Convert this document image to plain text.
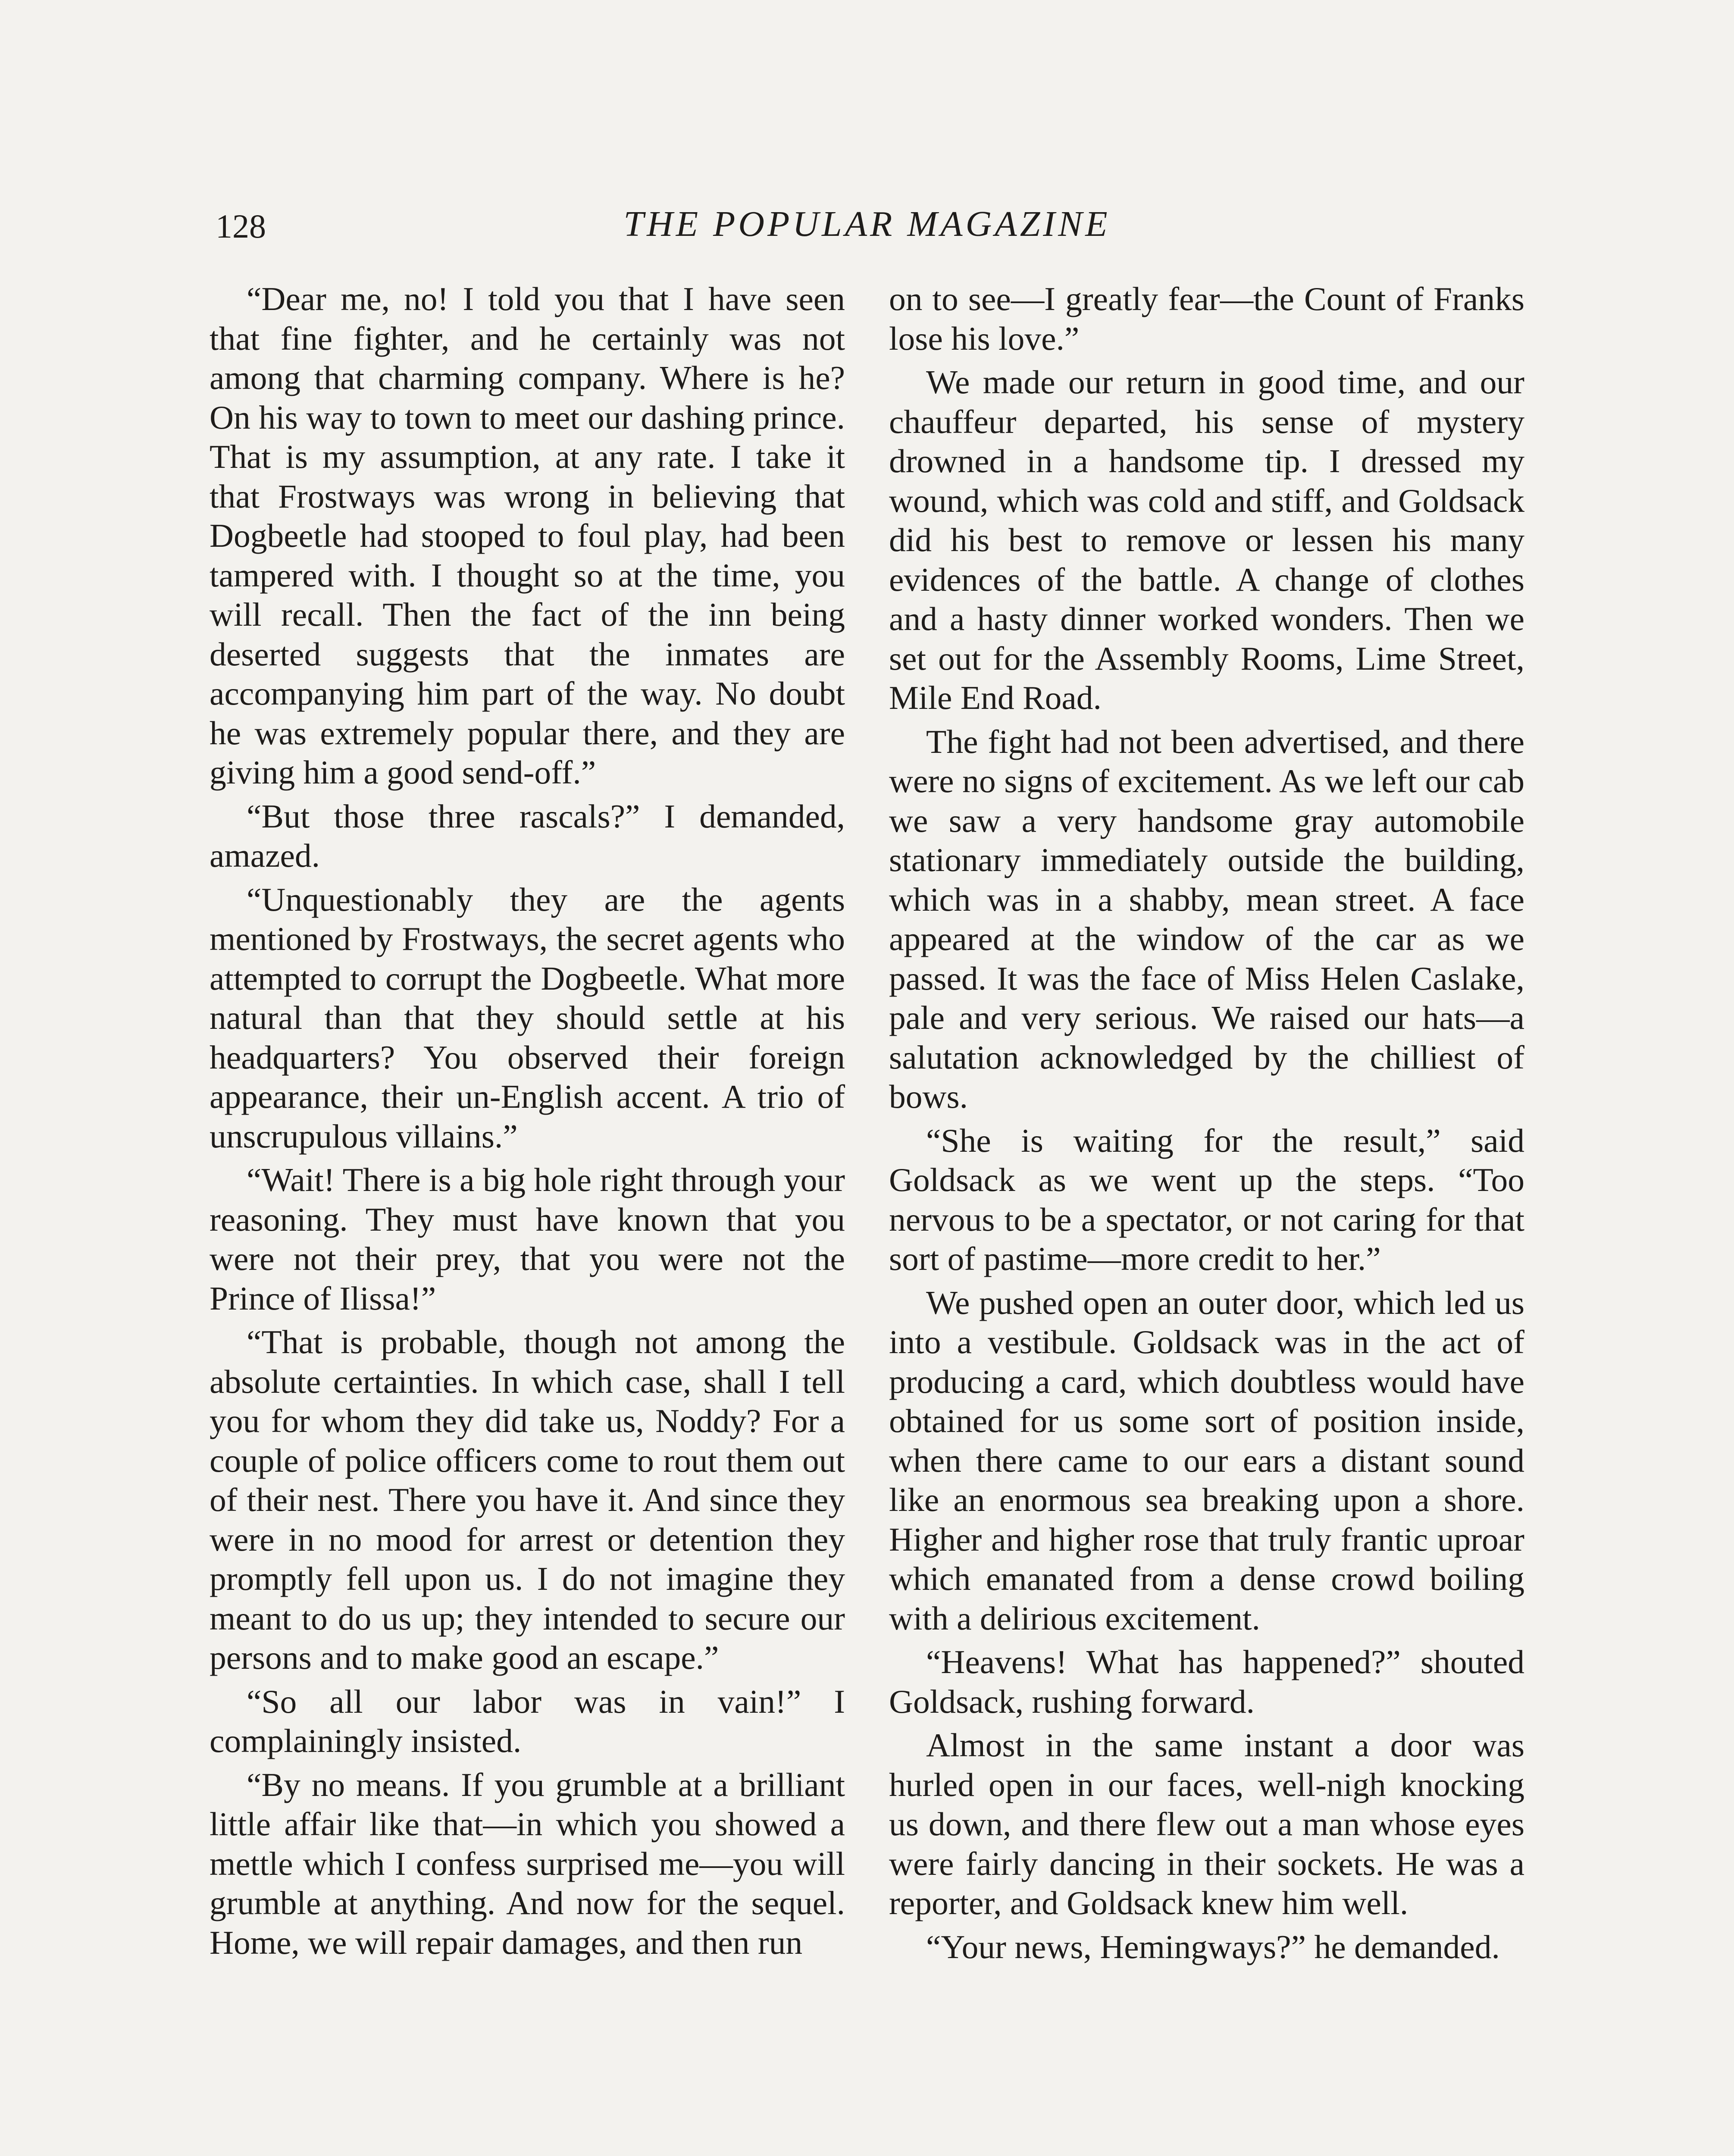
128	THE POPULAR MAGAZINE

“Dear me, no! I told you that I have seen that fine fighter, and he certainly was not among that charming company. Where is he? On his way to town to meet our dashing prince. That is my assumption, at any rate. I take it that Frostways was wrong in believing that Dogbeetle had stooped to foul play, had been tampered with. I thought so at the time, you will recall. Then the fact of the inn being deserted suggests that the inmates are accompanying him part of the way. No doubt he was extremely popular there, and they are giving him a good send-off.”

“But those three rascals?” I demanded, amazed.

“Unquestionably they are the agents mentioned by Frostways, the secret agents who attempted to corrupt the Dogbeetle. What more natural than that they should settle at his headquarters? You observed their foreign appearance, their un-English accent. A trio of unscrupulous villains.”

“Wait! There is a big hole right through your reasoning. They must have known that you were not their prey, that you were not the Prince of Ilissa!”

“That is probable, though not among the absolute certainties. In which case, shall I tell you for whom they did take us, Noddy? For a couple of police officers come to rout them out of their nest. There you have it. And since they were in no mood for arrest or detention they promptly fell upon us. I do not imagine they meant to do us up; they intended to secure our persons and to make good an escape.”

“So all our labor was in vain!” I complainingly insisted.

“By no means. If you grumble at a brilliant little affair like that—in which you showed a mettle which I confess surprised me—you will grumble at anything. And now for the sequel. Home, we will repair damages, and then run

on to see—I greatly fear—the Count of Franks lose his love.”

We made our return in good time, and our chauffeur departed, his sense of mystery drowned in a handsome tip. I dressed my wound, which was cold and stiff, and Goldsack did his best to remove or lessen his many evidences of the battle. A change of clothes and a hasty dinner worked wonders. Then we set out for the Assembly Rooms, Lime Street, Mile End Road.

The fight had not been advertised, and there were no signs of excitement. As we left our cab we saw a very handsome gray automobile stationary immediately outside the building, which was in a shabby, mean street. A face appeared at the window of the car as we passed. It was the face of Miss Helen Caslake, pale and very serious. We raised our hats—a salutation acknowledged by the chilliest of bows.

“She is waiting for the result,” said Goldsack as we went up the steps. “Too nervous to be a spectator, or not caring for that sort of pastime—more credit to her.”

We pushed open an outer door, which led us into a vestibule. Goldsack was in the act of producing a card, which doubtless would have obtained for us some sort of position inside, when there came to our ears a distant sound like an enormous sea breaking upon a shore. Higher and higher rose that truly frantic uproar which emanated from a dense crowd boiling with a delirious excitement.

“Heavens! What has happened?” shouted Goldsack, rushing forward.

Almost in the same instant a door was hurled open in our faces, well-nigh knocking us down, and there flew out a man whose eyes were fairly dancing in their sockets. He was a reporter, and Goldsack knew him well.

“Your news, Hemingways?” he demanded.
